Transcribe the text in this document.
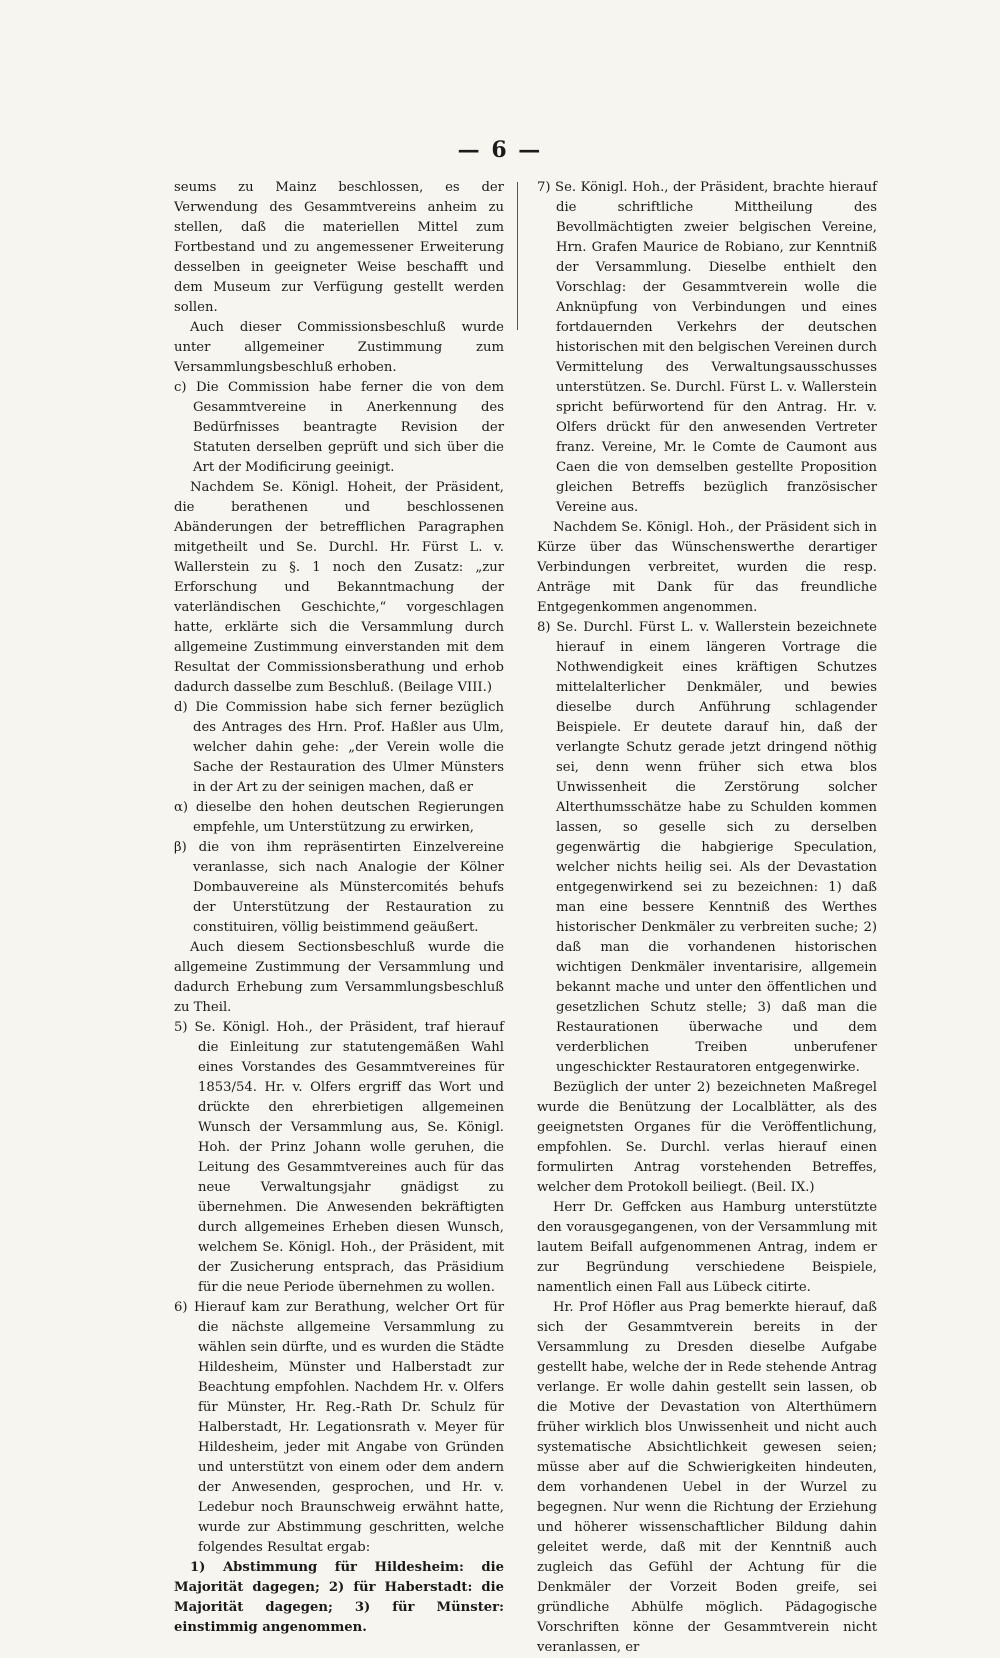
— 6 —

seums zu Mainz beschlossen, es der Verwendung des Gesammtvereins anheim zu stellen, daß die materiellen Mittel zum Fortbestand und zu angemessener Erweiterung desselben in geeigneter Weise beschafft und dem Museum zur Verfügung gestellt werden sollen.

Auch dieser Commissionsbeschluß wurde unter allgemeiner Zustimmung zum Versammlungsbeschluß erhoben.

c) Die Commission habe ferner die von dem Gesammtvereine in Anerkennung des Bedürfnisses beantragte Revision der Statuten derselben geprüft und sich über die Art der Modificirung geeinigt.

Nachdem Se. Königl. Hoheit, der Präsident, die berathenen und beschlossenen Abänderungen der betrefflichen Paragraphen mitgetheilt und Se. Durchl. Hr. Fürst L. v. Wallerstein zu §. 1 noch den Zusatz: „zur Erforschung und Bekanntmachung der vaterländischen Geschichte,“ vorgeschlagen hatte, erklärte sich die Versammlung durch allgemeine Zustimmung einverstanden mit dem Resultat der Commissionsberathung und erhob dadurch dasselbe zum Beschluß. (Beilage VIII.)

d) Die Commission habe sich ferner bezüglich des Antrages des Hrn. Prof. Haßler aus Ulm, welcher dahin gehe: „der Verein wolle die Sache der Restauration des Ulmer Münsters in der Art zu der seinigen machen, daß er

α) dieselbe den hohen deutschen Regierungen empfehle, um Unterstützung zu erwirken,

β) die von ihm repräsentirten Einzelvereine veranlasse, sich nach Analogie der Kölner Dombauvereine als Münstercomités behufs der Unterstützung der Restauration zu constituiren, völlig beistimmend geäußert.

Auch diesem Sectionsbeschluß wurde die allgemeine Zustimmung der Versammlung und dadurch Erhebung zum Versammlungsbeschluß zu Theil.

5) Se. Königl. Hoh., der Präsident, traf hierauf die Einleitung zur statutengemäßen Wahl eines Vorstandes des Gesammtvereines für 1853/54. Hr. v. Olfers ergriff das Wort und drückte den ehrerbietigen allgemeinen Wunsch der Versammlung aus, Se. Königl. Hoh. der Prinz Johann wolle geruhen, die Leitung des Gesammtvereines auch für das neue Verwaltungsjahr gnädigst zu übernehmen. Die Anwesenden bekräftigten durch allgemeines Erheben diesen Wunsch, welchem Se. Königl. Hoh., der Präsident, mit der Zusicherung entsprach, das Präsidium für die neue Periode übernehmen zu wollen.

6) Hierauf kam zur Berathung, welcher Ort für die nächste allgemeine Versammlung zu wählen sein dürfte, und es wurden die Städte Hildesheim, Münster und Halberstadt zur Beachtung empfohlen. Nachdem Hr. v. Olfers für Münster, Hr. Reg.-Rath Dr. Schulz für Halberstadt, Hr. Legationsrath v. Meyer für Hildesheim, jeder mit Angabe von Gründen und unterstützt von einem oder dem andern der Anwesenden, gesprochen, und Hr. v. Ledebur noch Braunschweig erwähnt hatte, wurde zur Abstimmung geschritten, welche folgendes Resultat ergab:

1) Abstimmung für Hildesheim: die Majorität dagegen; 2) für Haberstadt: die Majorität dagegen; 3) für Münster: einstimmig angenommen.

7) Se. Königl. Hoh., der Präsident, brachte hierauf die schriftliche Mittheilung des Bevollmächtigten zweier belgischen Vereine, Hrn. Grafen Maurice de Robiano, zur Kenntniß der Versammlung. Dieselbe enthielt den Vorschlag: der Gesammtverein wolle die Anknüpfung von Verbindungen und eines fortdauernden Verkehrs der deutschen historischen mit den belgischen Vereinen durch Vermittelung des Verwaltungsausschusses unterstützen. Se. Durchl. Fürst L. v. Wallerstein spricht befürwortend für den Antrag. Hr. v. Olfers drückt für den anwesenden Vertreter franz. Vereine, Mr. le Comte de Caumont aus Caen die von demselben gestellte Proposition gleichen Betreffs bezüglich französischer Vereine aus.

Nachdem Se. Königl. Hoh., der Präsident sich in Kürze über das Wünschenswerthe derartiger Verbindungen verbreitet, wurden die resp. Anträge mit Dank für das freundliche Entgegenkommen angenommen.

8) Se. Durchl. Fürst L. v. Wallerstein bezeichnete hierauf in einem längeren Vortrage die Nothwendigkeit eines kräftigen Schutzes mittelalterlicher Denkmäler, und bewies dieselbe durch Anführung schlagender Beispiele. Er deutete darauf hin, daß der verlangte Schutz gerade jetzt dringend nöthig sei, denn wenn früher sich etwa blos Unwissenheit die Zerstörung solcher Alterthumsschätze habe zu Schulden kommen lassen, so geselle sich zu derselben gegenwärtig die habgierige Speculation, welcher nichts heilig sei. Als der Devastation entgegenwirkend sei zu bezeichnen: 1) daß man eine bessere Kenntniß des Werthes historischer Denkmäler zu verbreiten suche; 2) daß man die vorhandenen historischen wichtigen Denkmäler inventarisire, allgemein bekannt mache und unter den öffentlichen und gesetzlichen Schutz stelle; 3) daß man die Restaurationen überwache und dem verderblichen Treiben unberufener ungeschickter Restauratoren entgegenwirke.

Bezüglich der unter 2) bezeichneten Maßregel wurde die Benützung der Localblätter, als des geeignetsten Organes für die Veröffentlichung, empfohlen. Se. Durchl. verlas hierauf einen formulirten Antrag vorstehenden Betreffes, welcher dem Protokoll beiliegt. (Beil. IX.)

Herr Dr. Geffcken aus Hamburg unterstützte den vorausgegangenen, von der Versammlung mit lautem Beifall aufgenommenen Antrag, indem er zur Begründung verschiedene Beispiele, namentlich einen Fall aus Lübeck citirte.

Hr. Prof Höfler aus Prag bemerkte hierauf, daß sich der Gesammtverein bereits in der Versammlung zu Dresden dieselbe Aufgabe gestellt habe, welche der in Rede stehende Antrag verlange. Er wolle dahin gestellt sein lassen, ob die Motive der Devastation von Alterthümern früher wirklich blos Unwissenheit und nicht auch systematische Absichtlichkeit gewesen seien; müsse aber auf die Schwierigkeiten hindeuten, dem vorhandenen Uebel in der Wurzel zu begegnen. Nur wenn die Richtung der Erziehung und höherer wissenschaftlicher Bildung dahin geleitet werde, daß mit der Kenntniß auch zugleich das Gefühl der Achtung für die Denkmäler der Vorzeit Boden greife, sei gründliche Abhülfe möglich. Pädagogische Vorschriften könne der Gesammtverein nicht veranlassen, er
